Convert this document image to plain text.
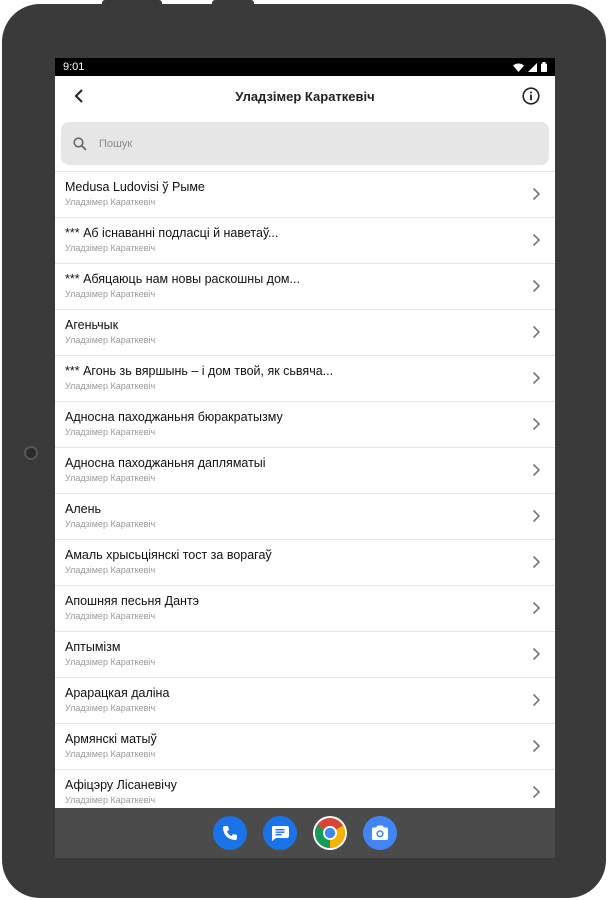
9:01
Уладзімер Караткевіч
Пошук
Medusa Ludovisi ў Рыме
Уладзімер Караткевіч
*** Аб існаванні подласці й наветаў...
Уладзімер Караткевіч
*** Абяцаюць нам новы раскошны дом...
Уладзімер Караткевіч
Агеньчык
Уладзімер Караткевіч
*** Агонь зь вяршынь – і дом твой, як сьвяча...
Уладзімер Караткевіч
Адносна паходжаньня бюракратызму
Уладзімер Караткевіч
Адносна паходжаньня дапляматыі
Уладзімер Караткевіч
Алень
Уладзімер Караткевіч
Амаль хрысьціянскі тост за ворагаў
Уладзімер Караткевіч
Апошняя песьня Дантэ
Уладзімер Караткевіч
Аптымізм
Уладзімер Караткевіч
Арарацкая даліна
Уладзімер Караткевіч
Армянскі матыў
Уладзімер Караткевіч
Афіцэру Лісаневічу
Уладзімер Караткевіч
